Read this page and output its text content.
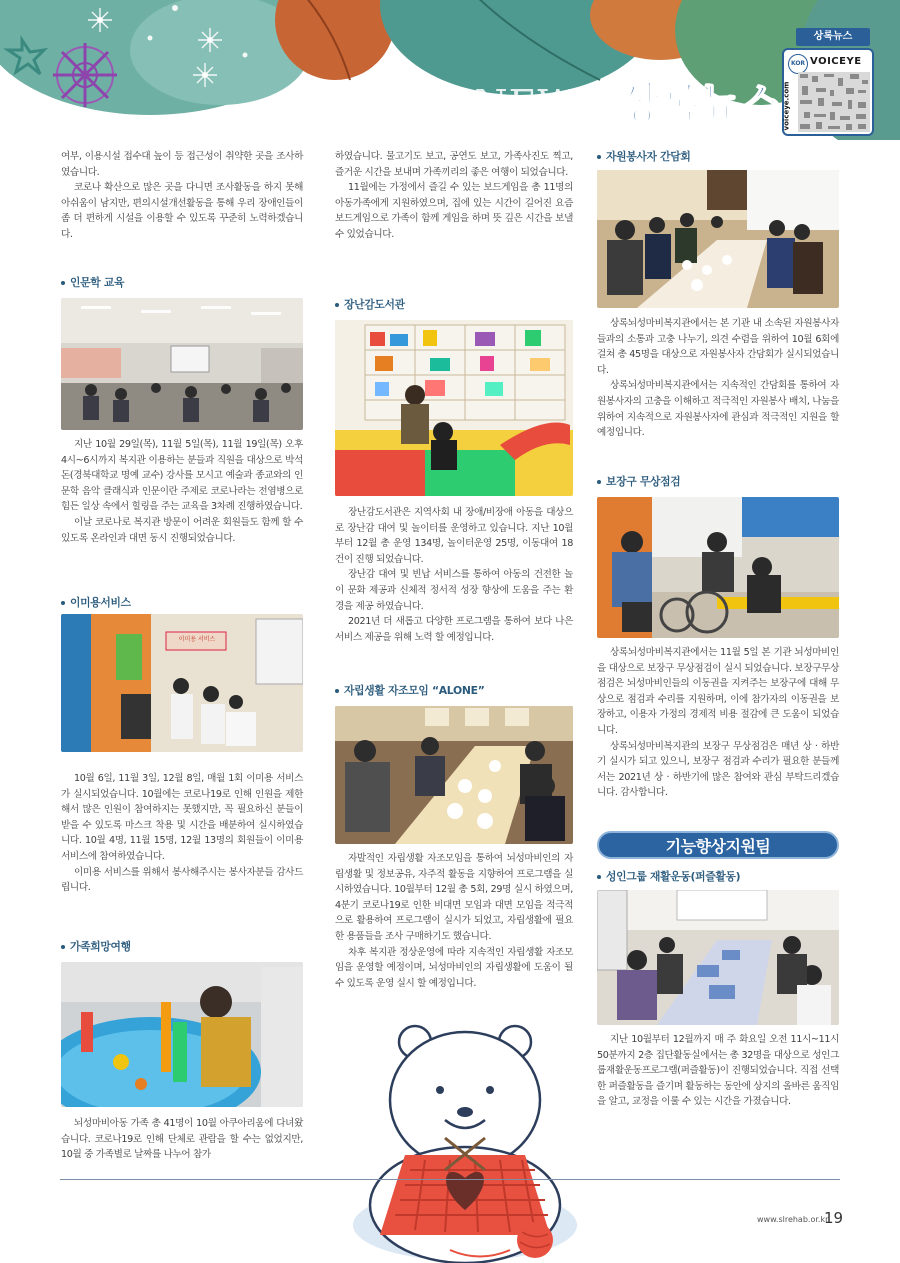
sanglok NEWS 상록뉴스
상록뉴스
KOR VOICEYE
voiceye.com

여부, 이용시설 접수대 높이 등 접근성이 취약한 곳을 조사하였습니다.

코로나 확산으로 많은 곳을 다니면 조사활동을 하지 못해 아쉬움이 남지만, 편의시설개선활동을 통해 우리 장애인들이 좀 더 편하게 시설을 이용할 수 있도록 꾸준히 노력하겠습니다.

인문학 교육

지난 10월 29일(목), 11월 5일(목), 11월 19일(목) 오후 4시~6시까지 복지관 이용하는 분들과 직원을 대상으로 박석돈(경북대학교 명예 교수) 강사를 모시고 예술과 종교와의 인문학 음악 클래식과 인문이란 주제로 코로나라는 전염병으로 힘든 일상 속에서 힐링을 주는 교육을 3차례 진행하였습니다.

이날 코로나로 복지관 방문이 어려운 회원들도 함께 할 수 있도록 온라인과 대면 동시 진행되었습니다.

이미용서비스
이미용 서비스

10월 6일, 11월 3일, 12월 8일, 매월 1회 이미용 서비스가 실시되었습니다. 10월에는 코로나19로 인해 인원을 제한해서 많은 인원이 참여하지는 못했지만, 꼭 필요하신 분들이 받을 수 있도록 마스크 착용 및 시간을 배분하여 실시하였습니다. 10월 4명, 11월 15명, 12월 13명의 회원들이 이미용서비스에 참여하였습니다.

이미용 서비스를 위해서 봉사해주시는 봉사자분들 감사드립니다.

가족희망여행

뇌성마비아동 가족 총 41명이 10월 아쿠아리움에 다녀왔습니다. 코로나19로 인해 단체로 관람을 할 수는 없었지만, 10월 중 가족별로 날짜를 나누어 참가

하였습니다. 물고기도 보고, 공연도 보고, 가족사진도 찍고, 즐거운 시간을 보내며 가족끼리의 좋은 여행이 되었습니다.

11월에는 가정에서 즐길 수 있는 보드게임을 총 11명의 아동가족에게 지원하였으며, 집에 있는 시간이 길어진 요즘 보드게임으로 가족이 함께 게임을 하며 뜻 깊은 시간을 보낼 수 있었습니다.

장난감도서관

장난감도서관은 지역사회 내 장애/비장애 아동을 대상으로 장난감 대여 및 놀이터를 운영하고 있습니다. 지난 10월부터 12월 총 운영 134명, 놀이터운영 25명, 이동대여 18건이 진행 되었습니다.

장난감 대여 및 빈납 서비스를 통하여 아동의 건전한 놀이 문화 제공과 신체적 정서적 성장 향상에 도움을 주는 환경을 제공 하였습니다.

2021년 더 새롭고 다양한 프로그램을 통하여 보다 나은 서비스 제공을 위해 노력 할 예정입니다.

자립생활 자조모임 “ALONE”

자발적인 자립생활 자조모임을 통하여 뇌성마비인의 자립생활 및 정보공유, 자주적 활동을 지향하여 프로그램을 실시하였습니다. 10월부터 12월 총 5회, 29명 실시 하였으며, 4분기 코로나19로 인한 비대면 모임과 대면 모임을 적극적으로 활용하여 프로그램이 실시가 되었고, 자립생활에 필요한 용품들을 조사 구매하기도 했습니다.

차후 복지관 정상운영에 따라 지속적인 자립생활 자조모임을 운영할 예정이며, 뇌성마비인의 자립생활에 도움이 될 수 있도록 운영 실시 할 예정입니다.

자원봉사자 간담회

상록뇌성마비복지관에서는 본 기관 내 소속된 자원봉사자들과의 소통과 고충 나누기, 의견 수렴을 위하여 10월 6회에 걸쳐 총 45명을 대상으로 자원봉사자 간담회가 실시되었습니다.

상록뇌성마비복지관에서는 지속적인 간담회를 통하여 자원봉사자의 고충을 이해하고 적극적인 자원봉사 배치, 나눔을 위하여 지속적으로 자원봉사자에 관심과 적극적인 지원을 할 예정입니다.

보장구 무상점검

상록뇌성마비복지관에서는 11월 5일 본 기관 뇌성마비인을 대상으로 보장구 무상점검이 실시 되었습니다. 보장구무상점검은 뇌성마비인들의 이동권을 지켜주는 보장구에 대해 무상으로 점검과 수리를 지원하며, 이에 참가자의 이동권을 보장하고, 이용자 가정의 경제적 비용 절감에 큰 도움이 되었습니다.

상록뇌성마비복지관의 보장구 무상점검은 매년 상 · 하반기 실시가 되고 있으니, 보장구 점검과 수리가 필요한 분들께서는 2021년 상 · 하반기에 많은 참여와 관심 부탁드리겠습니다. 감사합니다.

기능향상지원팀
성인그룹 재활운동(퍼즐활동)

지난 10월부터 12월까지 매 주 화요일 오전 11시~11시50분까지 2층 집단활동실에서는 총 32명을 대상으로 성인그룹재활운동프로그램(퍼즐활동)이 진행되었습니다. 직접 선택한 퍼즐활동을 즐기며 활동하는 동안에 상지의 올바른 움직임을 알고, 교정을 이룰 수 있는 시간을 가졌습니다.

www.slrehab.or.kr
19
